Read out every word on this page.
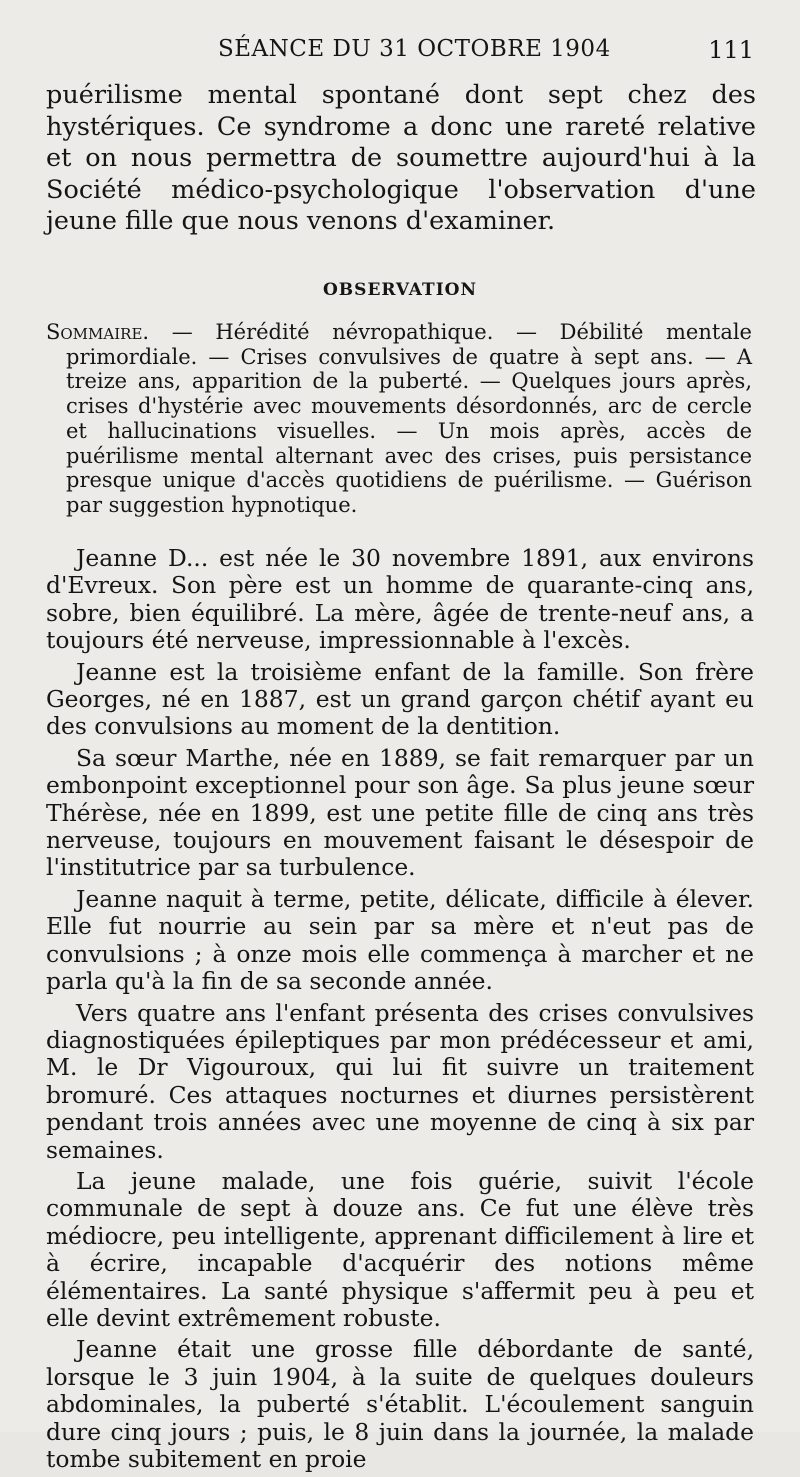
SÉANCE DU 31 OCTOBRE 1904	111
puérilisme mental spontané dont sept chez des hystériques. Ce syndrome a donc une rareté relative et on nous permettra de soumettre aujourd'hui à la Société médico-psychologique l'observation d'une jeune fille que nous venons d'examiner.
OBSERVATION
Sommaire. — Hérédité névropathique. — Débilité mentale primordiale. — Crises convulsives de quatre à sept ans. — A treize ans, apparition de la puberté. — Quelques jours après, crises d'hystérie avec mouvements désordonnés, arc de cercle et hallucinations visuelles. — Un mois après, accès de puérilisme mental alternant avec des crises, puis persistance presque unique d'accès quotidiens de puérilisme. — Guérison par suggestion hypnotique.

Jeanne D... est née le 30 novembre 1891, aux environs d'Evreux. Son père est un homme de quarante-cinq ans, sobre, bien équilibré. La mère, âgée de trente-neuf ans, a toujours été nerveuse, impressionnable à l'excès.

Jeanne est la troisième enfant de la famille. Son frère Georges, né en 1887, est un grand garçon chétif ayant eu des convulsions au moment de la dentition.

Sa sœur Marthe, née en 1889, se fait remarquer par un embonpoint exceptionnel pour son âge. Sa plus jeune sœur Thérèse, née en 1899, est une petite fille de cinq ans très nerveuse, toujours en mouvement faisant le désespoir de l'institutrice par sa turbulence.

Jeanne naquit à terme, petite, délicate, difficile à élever. Elle fut nourrie au sein par sa mère et n'eut pas de convulsions ; à onze mois elle commença à marcher et ne parla qu'à la fin de sa seconde année.

Vers quatre ans l'enfant présenta des crises convulsives diagnostiquées épileptiques par mon prédécesseur et ami, M. le Dr Vigouroux, qui lui fit suivre un traitement bromuré. Ces attaques nocturnes et diurnes persistèrent pendant trois années avec une moyenne de cinq à six par semaines.

La jeune malade, une fois guérie, suivit l'école communale de sept à douze ans. Ce fut une élève très médiocre, peu intelligente, apprenant difficilement à lire et à écrire, incapable d'acquérir des notions même élémentaires. La santé physique s'affermit peu à peu et elle devint extrêmement robuste.

Jeanne était une grosse fille débordante de santé, lorsque le 3 juin 1904, à la suite de quelques douleurs abdominales, la puberté s'établit. L'écoulement sanguin dure cinq jours ; puis, le 8 juin dans la journée, la malade tombe subitement en proie
